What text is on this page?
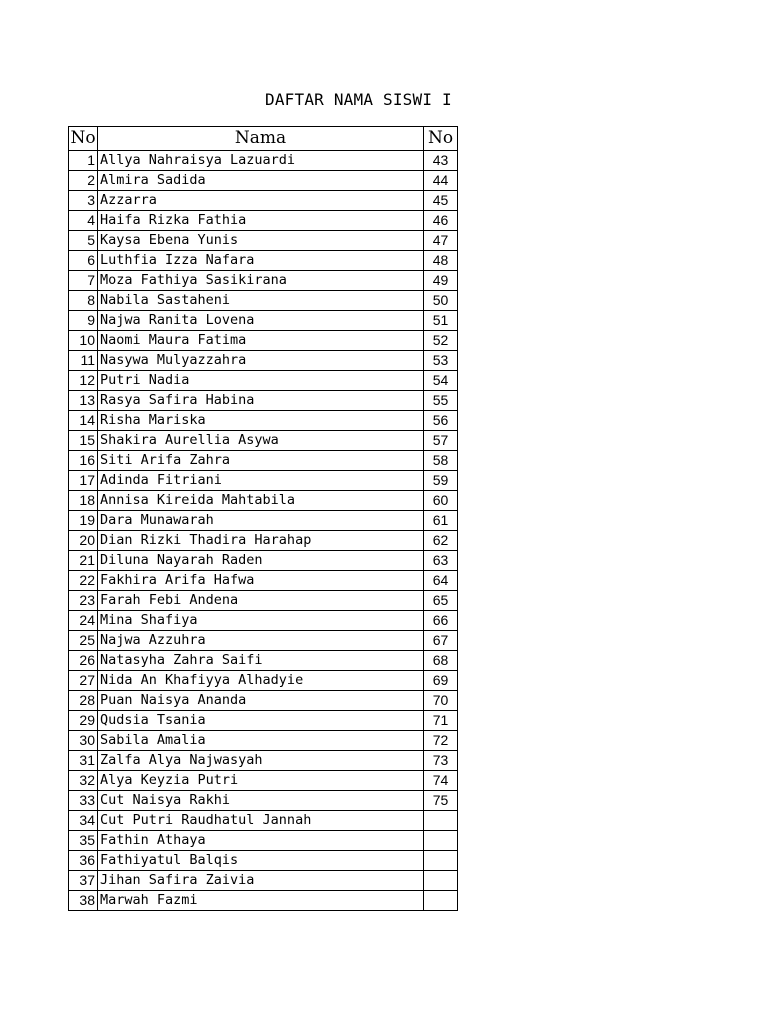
DAFTAR NAMA SISWI I
No	Nama	No
1	Allya Nahraisya Lazuardi	43
2	Almira Sadida	44
3	Azzarra	45
4	Haifa Rizka Fathia	46
5	Kaysa Ebena Yunis	47
6	Luthfia Izza Nafara	48
7	Moza Fathiya Sasikirana	49
8	Nabila Sastaheni	50
9	Najwa Ranita Lovena	51
10	Naomi Maura Fatima	52
11	Nasywa Mulyazzahra	53
12	Putri Nadia	54
13	Rasya Safira Habina	55
14	Risha Mariska	56
15	Shakira Aurellia Asywa	57
16	Siti Arifa Zahra	58
17	Adinda Fitriani	59
18	Annisa Kireida Mahtabila	60
19	Dara Munawarah	61
20	Dian Rizki Thadira Harahap	62
21	Diluna Nayarah Raden	63
22	Fakhira Arifa Hafwa	64
23	Farah Febi Andena	65
24	Mina Shafiya	66
25	Najwa Azzuhra	67
26	Natasyha Zahra Saifi	68
27	Nida An Khafiyya Alhadyie	69
28	Puan Naisya Ananda	70
29	Qudsia Tsania	71
30	Sabila Amalia	72
31	Zalfa Alya Najwasyah	73
32	Alya Keyzia Putri	74
33	Cut Naisya Rakhi	75
34	Cut Putri Raudhatul Jannah	
35	Fathin Athaya	
36	Fathiyatul Balqis	
37	Jihan Safira Zaivia	
38	Marwah Fazmi	
